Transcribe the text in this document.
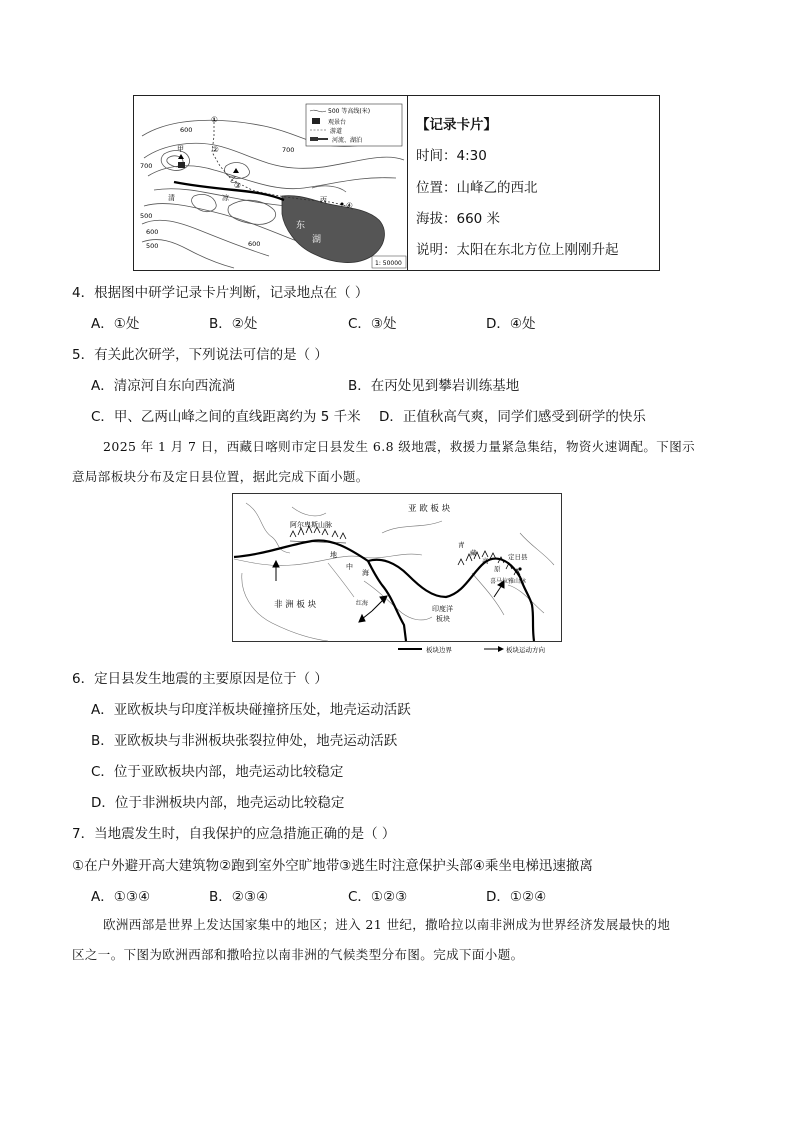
500 等高线(米)
观景台
游道
河流、湖泊
1: 50000
600
700
500
600
500
700
600
甲
乙
①
②
③
④
丙
清	凉
东
湖
【记录卡片】
时间：4:30
位置：山峰乙的西北
海拔：660 米
说明：太阳在东北方位上刚刚升起
4．根据图中研学记录卡片判断，记录地点在（ ）
A．①处	B．②处	C．③处	D．④处
5．有关此次研学，下列说法可信的是（ ）
A．清凉河自东向西流淌	B．在丙处见到攀岩训练基地
C．甲、乙两山峰之间的直线距离约为 5 千米 D．正值秋高气爽，同学们感受到研学的快乐
2025 年 1 月 7 日，西藏日喀则市定日县发生 6.8 级地震，救援力量紧急集结，物资火速调配。下图示
意局部板块分布及定日县位置，据此完成下面小题。
亚 欧 板 块
非 洲 板 块	印度洋
板块
阿尔卑斯山脉
定日县
喜马拉雅山脉
红海
地
中
海
青
藏
高
原
板块边界	板块运动方向
6．定日县发生地震的主要原因是位于（ ）
A．亚欧板块与印度洋板块碰撞挤压处，地壳运动活跃
B．亚欧板块与非洲板块张裂拉伸处，地壳运动活跃
C．位于亚欧板块内部，地壳运动比较稳定
D．位于非洲板块内部，地壳运动比较稳定
7．当地震发生时，自我保护的应急措施正确的是（ ）
①在户外避开高大建筑物②跑到室外空旷地带③逃生时注意保护头部④乘坐电梯迅速撤离
A．①③④	B．②③④	C．①②③	D．①②④
欧洲西部是世界上发达国家集中的地区；进入 21 世纪，撒哈拉以南非洲成为世界经济发展最快的地
区之一。下图为欧洲西部和撒哈拉以南非洲的气候类型分布图。完成下面小题。
